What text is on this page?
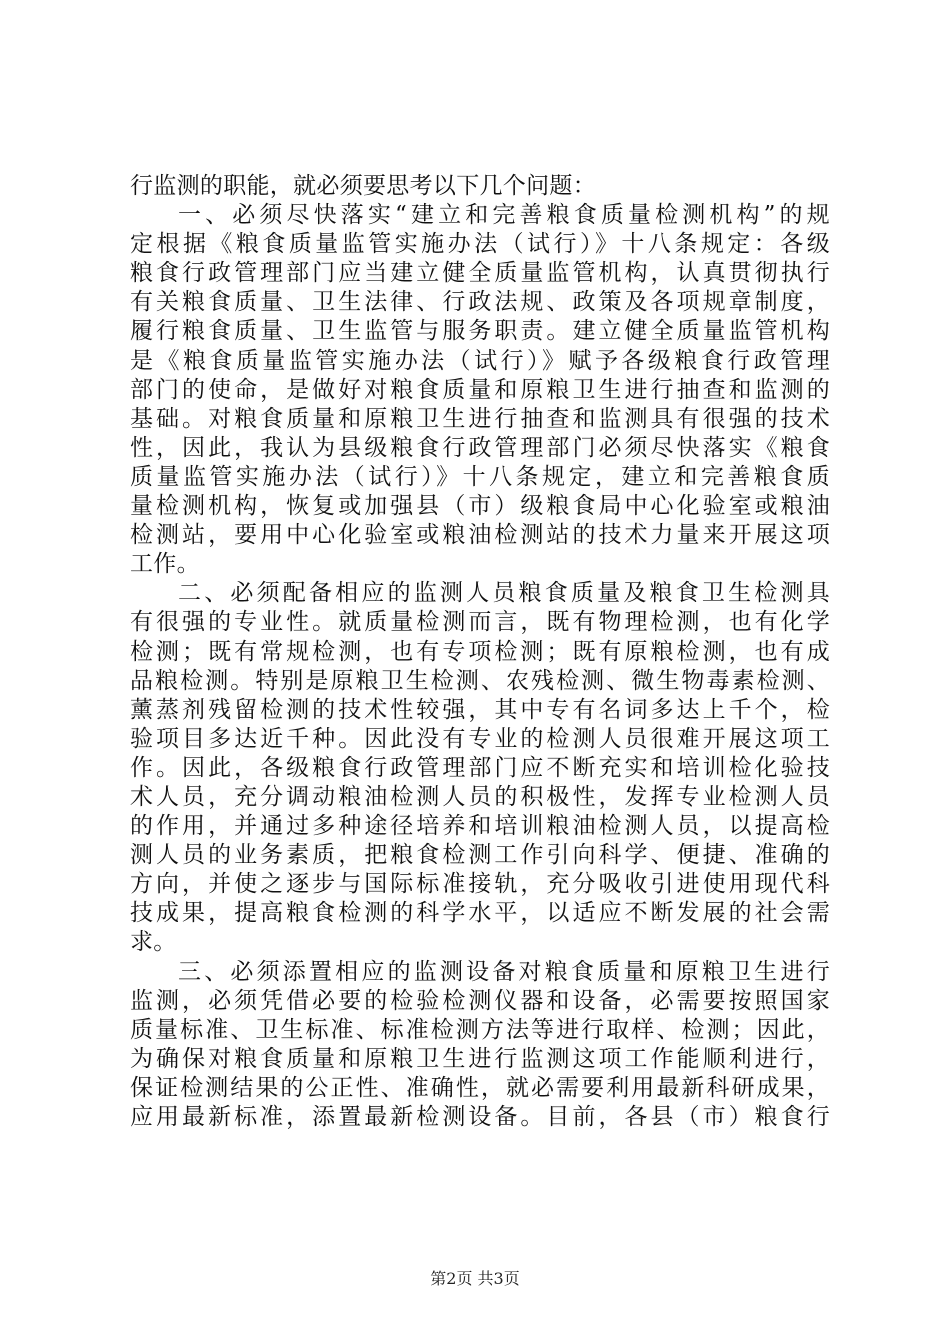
行监测的职能，就必须要思考以下几个问题：
一、必须尽快落实“建立和完善粮食质量检测机构”的规
定根据《粮食质量监管实施办法（试行）》十八条规定：各级
粮食行政管理部门应当建立健全质量监管机构，认真贯彻执行
有关粮食质量、卫生法律、行政法规、政策及各项规章制度，
履行粮食质量、卫生监管与服务职责。建立健全质量监管机构
是《粮食质量监管实施办法（试行）》赋予各级粮食行政管理
部门的使命，是做好对粮食质量和原粮卫生进行抽查和监测的
基础。对粮食质量和原粮卫生进行抽查和监测具有很强的技术
性，因此，我认为县级粮食行政管理部门必须尽快落实《粮食
质量监管实施办法（试行）》十八条规定，建立和完善粮食质
量检测机构，恢复或加强县（市）级粮食局中心化验室或粮油
检测站，要用中心化验室或粮油检测站的技术力量来开展这项
工作。
二、必须配备相应的监测人员粮食质量及粮食卫生检测具
有很强的专业性。就质量检测而言，既有物理检测，也有化学
检测；既有常规检测，也有专项检测；既有原粮检测，也有成
品粮检测。特别是原粮卫生检测、农残检测、微生物毒素检测、
薰蒸剂残留检测的技术性较强，其中专有名词多达上千个，检
验项目多达近千种。因此没有专业的检测人员很难开展这项工
作。因此，各级粮食行政管理部门应不断充实和培训检化验技
术人员，充分调动粮油检测人员的积极性，发挥专业检测人员
的作用，并通过多种途径培养和培训粮油检测人员，以提高检
测人员的业务素质，把粮食检测工作引向科学、便捷、准确的
方向，并使之逐步与国际标准接轨，充分吸收引进使用现代科
技成果，提高粮食检测的科学水平，以适应不断发展的社会需
求。
三、必须添置相应的监测设备对粮食质量和原粮卫生进行
监测，必须凭借必要的检验检测仪器和设备，必需要按照国家
质量标准、卫生标准、标准检测方法等进行取样、检测；因此，
为确保对粮食质量和原粮卫生进行监测这项工作能顺利进行，
保证检测结果的公正性、准确性，就必需要利用最新科研成果，
应用最新标准，添置最新检测设备。目前，各县（市）粮食行
第2页 共3页
